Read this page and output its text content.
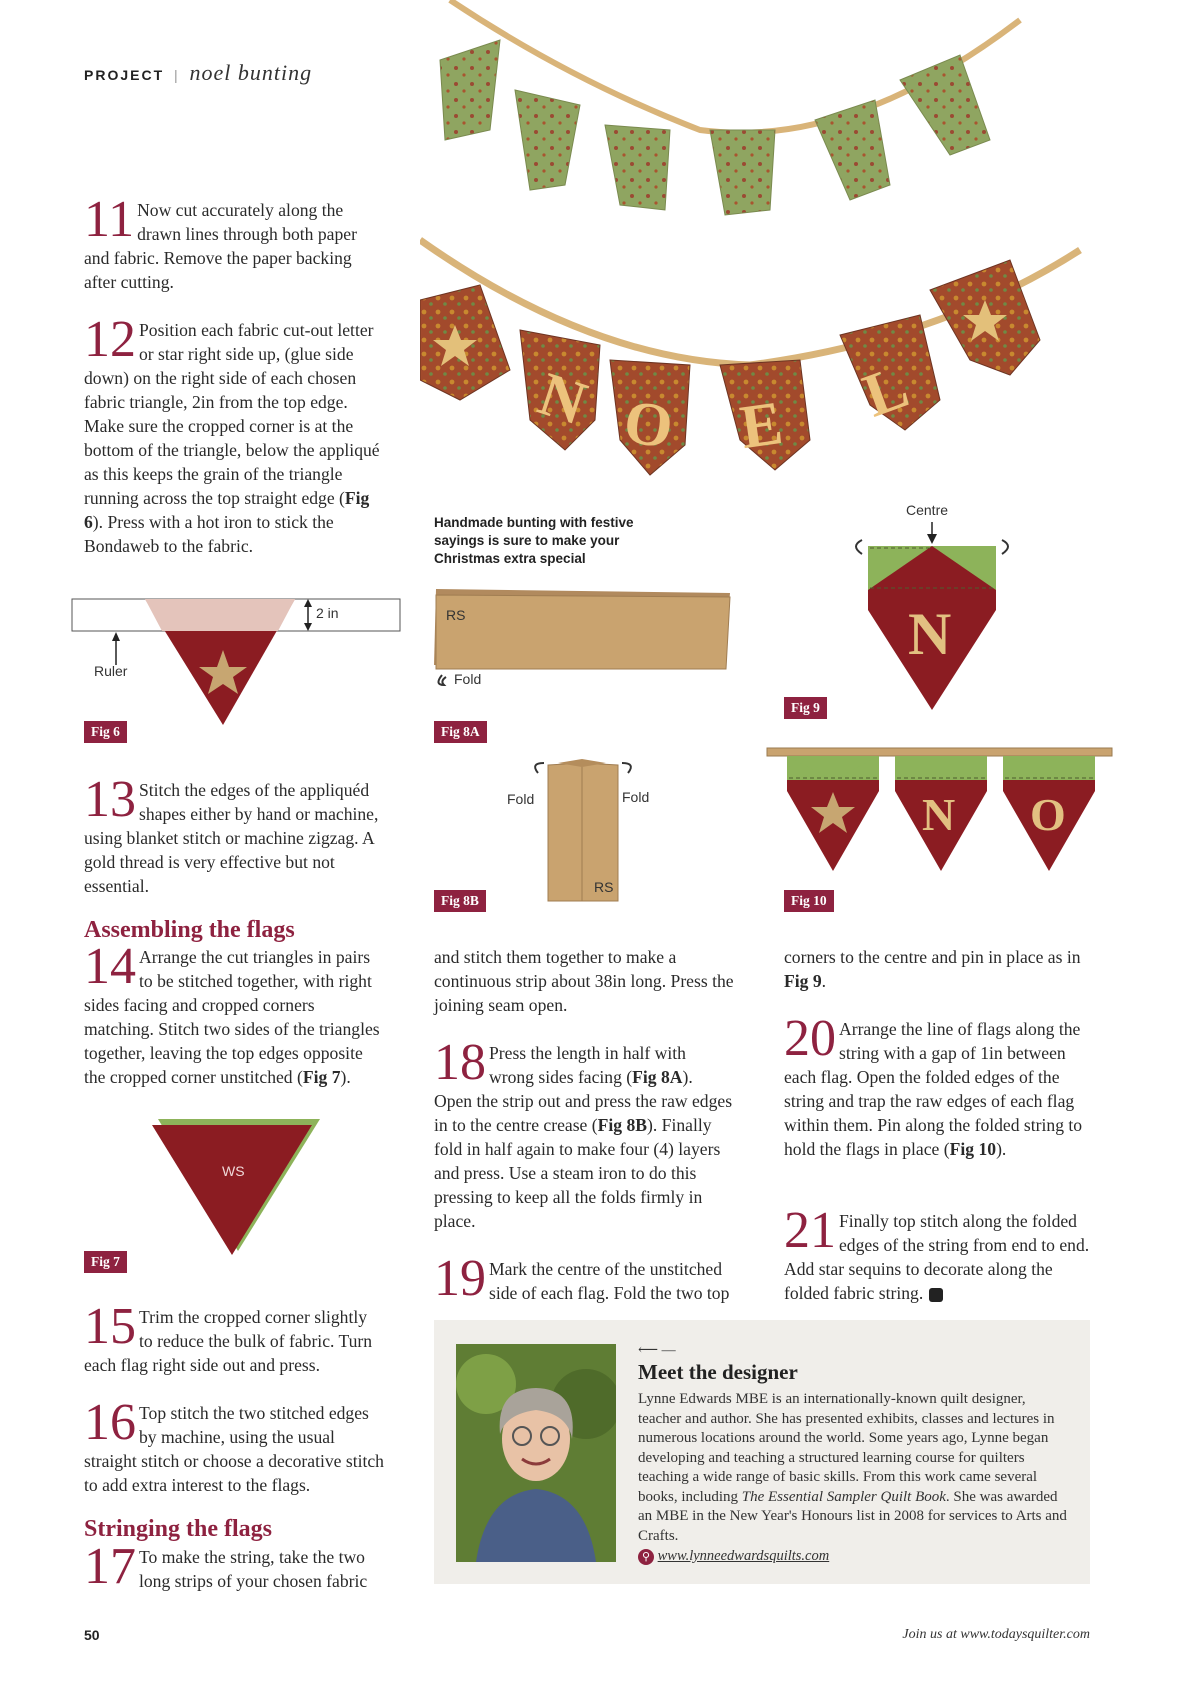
PROJECT | noel bunting
N O E L

11 Now cut accurately along the drawn lines through both paper and fabric. Remove the paper backing after cutting.

12 Position each fabric cut-out letter or star right side up, (glue side down) on the right side of each chosen fabric triangle, 2in from the top edge. Make sure the cropped corner is at the bottom of the triangle, below the appliqué as this keeps the grain of the triangle running across the top straight edge (Fig 6). Press with a hot iron to stick the Bondaweb to the fabric.

2 in
Ruler
Fig 6

13 Stitch the edges of the appliquéd shapes either by hand or machine, using blanket stitch or machine zigzag. A gold thread is very effective but not essential.

Assembling the flags

14 Arrange the cut triangles in pairs to be stitched together, with right sides facing and cropped corners matching. Stitch two sides of the triangles together, leaving the top edges opposite the cropped corner unstitched (Fig 7).

WS
Fig 7

15 Trim the cropped corner slightly to reduce the bulk of fabric. Turn each flag right side out and press.

16 Top stitch the two stitched edges by machine, using the usual straight stitch or choose a decorative stitch to add extra interest to the flags.

Stringing the flags

17 To make the string, take the two long strips of your chosen fabric

Handmade bunting with festive sayings is sure to make your Christmas extra special
RS
Fold
Fig 8A
Fold	Fold
RS
Fig 8B

and stitch them together to make a continuous strip about 38in long. Press the joining seam open.

18 Press the length in half with wrong sides facing (Fig 8A). Open the strip out and press the raw edges in to the centre crease (Fig 8B). Finally fold in half again to make four (4) layers and press. Use a steam iron to do this pressing to keep all the folds firmly in place.

19 Mark the centre of the unstitched side of each flag. Fold the two top

Centre
N
Fig 9
N O
Fig 10

corners to the centre and pin in place as in Fig 9.

20 Arrange the line of flags along the string with a gap of 1in between each flag. Open the folded edges of the string and trap the raw edges of each flag within them. Pin along the folded string to hold the flags in place (Fig 10).

21 Finally top stitch along the folded edges of the string from end to end. Add star sequins to decorate along the folded fabric string.

⟵ ―
Meet the designer
Lynne Edwards MBE is an internationally-known quilt designer, teacher and author. She has presented exhibits, classes and lectures in numerous locations around the world. Some years ago, Lynne began developing and teaching a structured learning course for quilters teaching a wide range of basic skills. From this work came several books, including The Essential Sampler Quilt Book. She was awarded an MBE in the New Year's Honours list in 2008 for services to Arts and Crafts.
⚲ www.lynneedwardsquilts.com
50	Join us at www.todaysquilter.com
